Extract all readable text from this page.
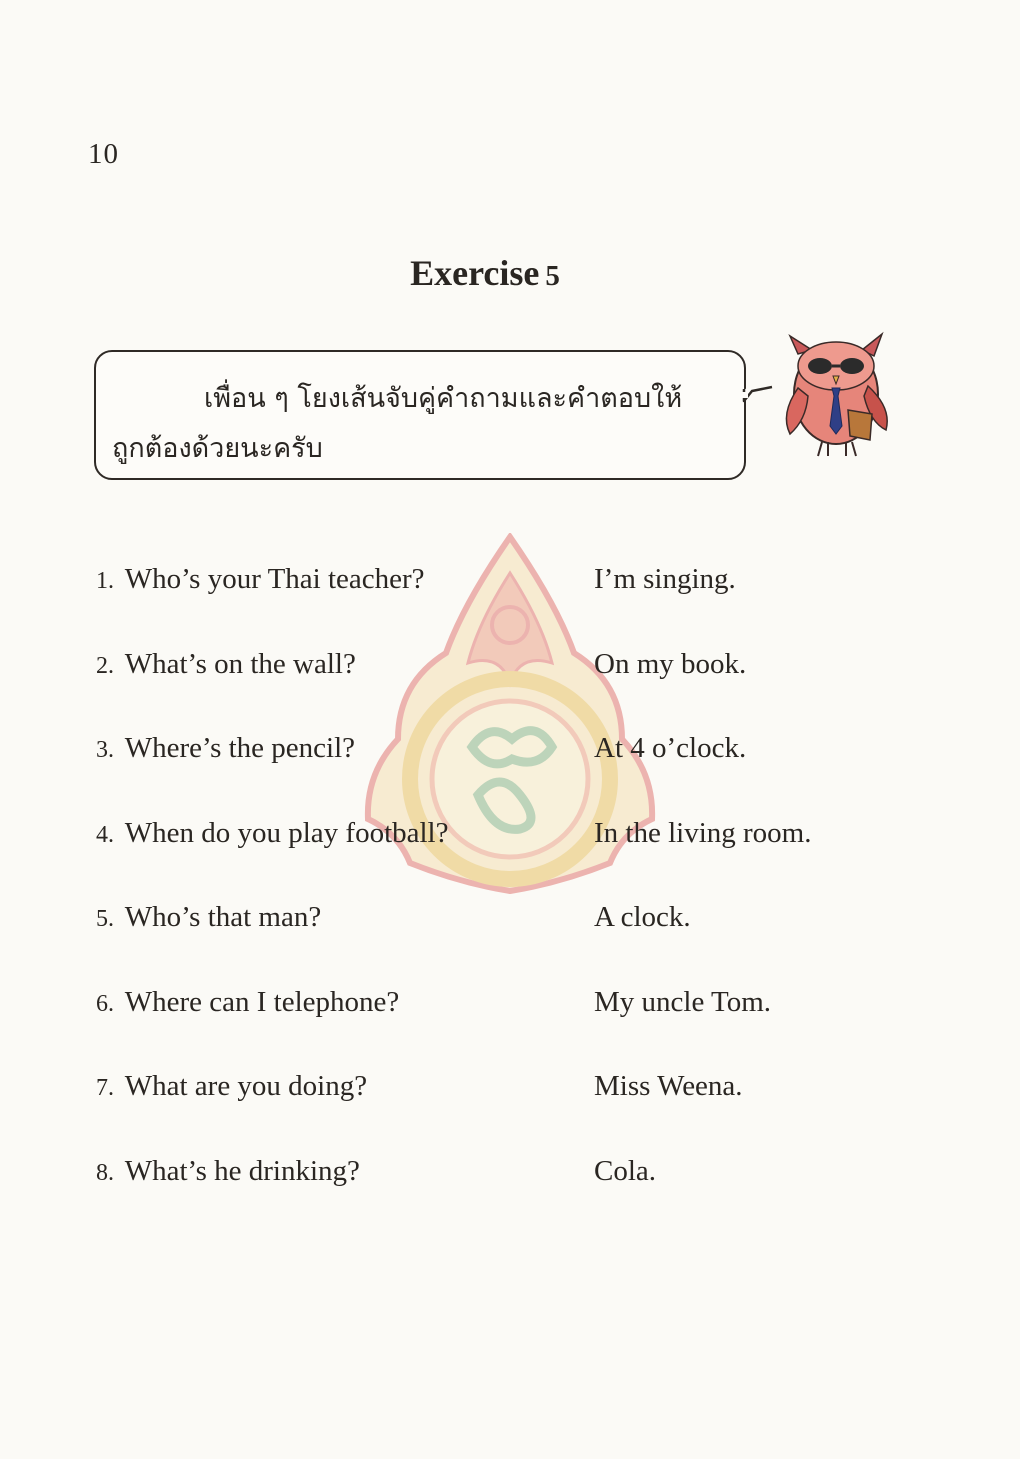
10
Exercise 5
เพื่อน ๆ โยงเส้นจับคู่คำถามและคำตอบให้
ถูกต้องด้วยนะครับ
1. Who’s your Thai teacher?
2. What’s on the wall?
3. Where’s the pencil?
4. When do you play football?
5. Who’s that man?
6. Where can I telephone?
7. What are you doing?
8. What’s he drinking?
I’m singing.
On my book.
At 4 o’clock.
In the living room.
A clock.
My uncle Tom.
Miss Weena.
Cola.
